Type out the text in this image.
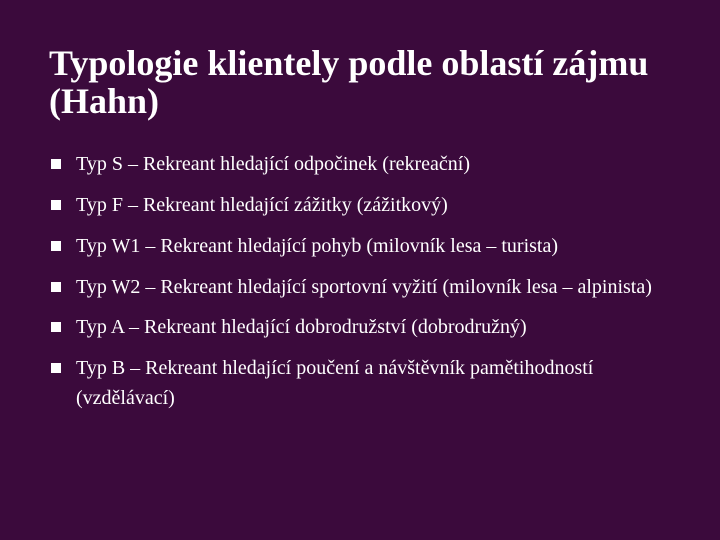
Typologie klientely podle oblastí zájmu (Hahn)
Typ S – Rekreant hledající odpočinek (rekreační)
Typ F – Rekreant hledající zážitky (zážitkový)
Typ W1 – Rekreant hledající pohyb (milovník lesa – turista)
Typ W2 – Rekreant hledající sportovní vyžití (milovník lesa – alpinista)
Typ A – Rekreant hledající dobrodružství (dobrodružný)
Typ B – Rekreant hledající poučení a návštěvník pamětihodností (vzdělávací)
